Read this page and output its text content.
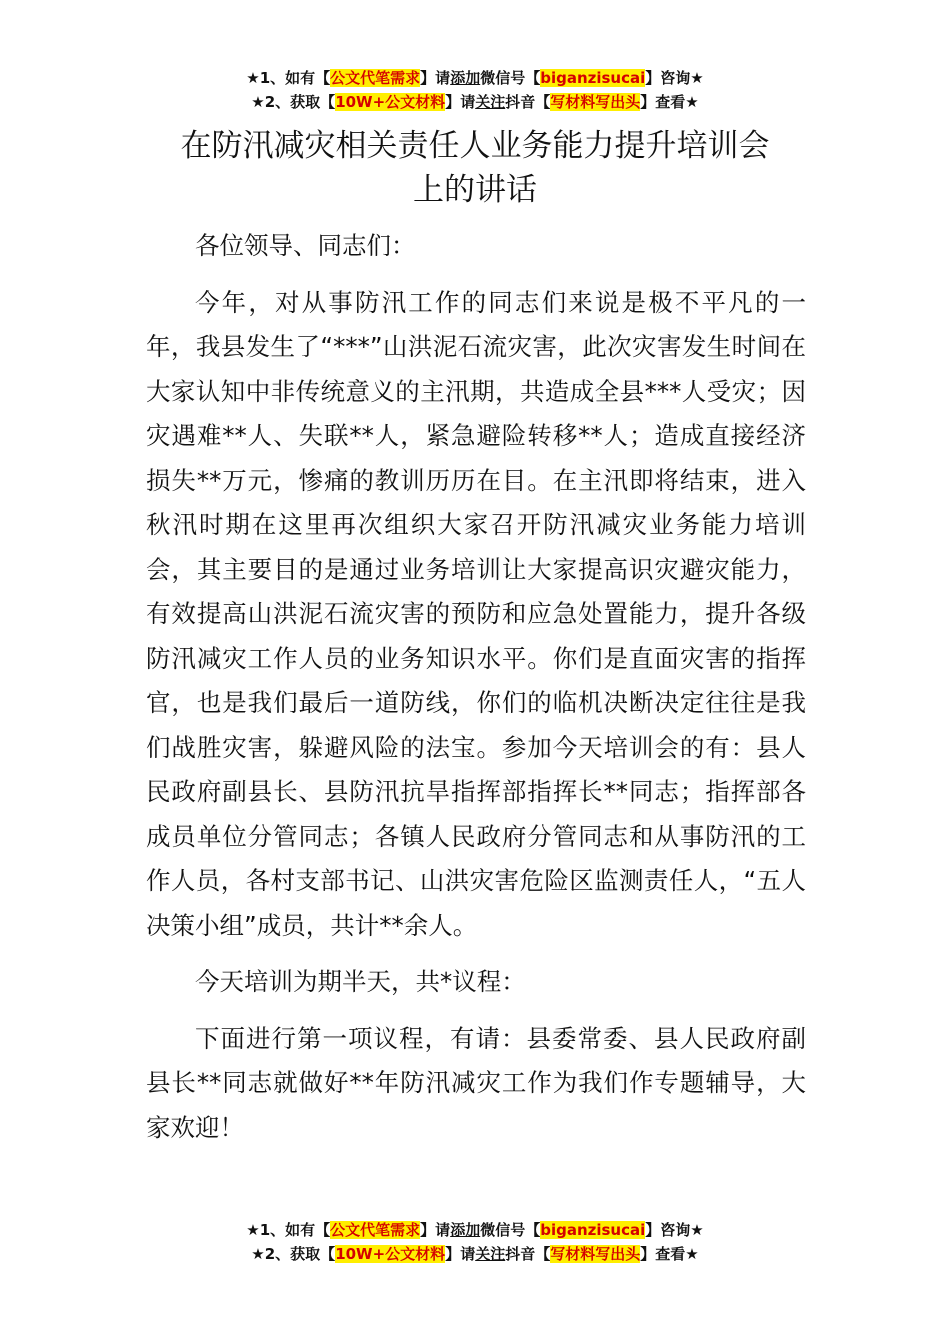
★1、如有【公文代笔需求】请添加微信号【biganzisucai】咨询★
★2、获取【10W+公文材料】请关注抖音【写材料写出头】查看★
在防汛减灾相关责任人业务能力提升培训会
上的讲话

各位领导、同志们：

今年，对从事防汛工作的同志们来说是极不平凡的一年，我县发生了“***”山洪泥石流灾害，此次灾害发生时间在大家认知中非传统意义的主汛期，共造成全县***人受灾；因灾遇难**人、失联**人，紧急避险转移**人；造成直接经济损失**万元，惨痛的教训历历在目。在主汛即将结束，进入秋汛时期在这里再次组织大家召开防汛减灾业务能力培训会，其主要目的是通过业务培训让大家提高识灾避灾能力，有效提高山洪泥石流灾害的预防和应急处置能力，提升各级防汛减灾工作人员的业务知识水平。你们是直面灾害的指挥官，也是我们最后一道防线，你们的临机决断决定往往是我们战胜灾害，躲避风险的法宝。参加今天培训会的有：县人民政府副县长、县防汛抗旱指挥部指挥长**同志；指挥部各成员单位分管同志；各镇人民政府分管同志和从事防汛的工作人员，各村支部书记、山洪灾害危险区监测责任人，“五人决策小组”成员，共计**余人。

今天培训为期半天，共*议程：

下面进行第一项议程，有请：县委常委、县人民政府副县长**同志就做好**年防汛减灾工作为我们作专题辅导，大家欢迎！

★1、如有【公文代笔需求】请添加微信号【biganzisucai】咨询★
★2、获取【10W+公文材料】请关注抖音【写材料写出头】查看★
